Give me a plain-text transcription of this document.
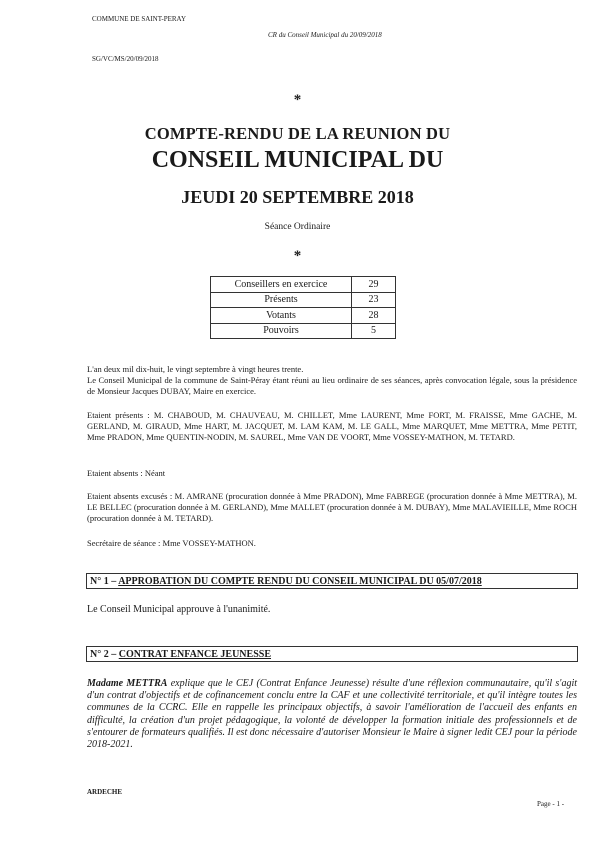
COMMUNE DE SAINT-PERAY
CR du Conseil Municipal du 20/09/2018
SG/VC/MS/20/09/2018
*
COMPTE-RENDU DE LA REUNION DU
CONSEIL MUNICIPAL DU
JEUDI 20 SEPTEMBRE 2018
Séance Ordinaire
*
Conseillers en exercice	29
Présents	23
Votants	28
Pouvoirs	5
L'an deux mil dix-huit, le vingt septembre à vingt heures trente.
Le Conseil Municipal de la commune de Saint-Péray étant réuni au lieu ordinaire de ses séances, après convocation légale, sous la présidence de Monsieur Jacques DUBAY, Maire en exercice.
Etaient présents : M. CHABOUD, M. CHAUVEAU, M. CHILLET, Mme LAURENT, Mme FORT, M. FRAISSE, Mme GACHE, M. GERLAND, M. GIRAUD, Mme HART, M. JACQUET, M. LAM KAM, M. LE GALL, Mme MARQUET, Mme METTRA, Mme PETIT, Mme PRADON, Mme QUENTIN-NODIN, M. SAUREL, Mme VAN DE VOORT, Mme VOSSEY-MATHON, M. TETARD.
Etaient absents : Néant
Etaient absents excusés : M. AMRANE (procuration donnée à Mme PRADON), Mme FABREGE (procuration donnée à Mme METTRA), M. LE BELLEC (procuration donnée à M. GERLAND), Mme MALLET (procuration donnée à M. DUBAY), Mme MALAVIEILLE, Mme ROCH (procuration donnée à M. TETARD).
Secrétaire de séance : Mme VOSSEY-MATHON.
N° 1 – APPROBATION DU COMPTE RENDU DU CONSEIL MUNICIPAL DU 05/07/2018
Le Conseil Municipal approuve à l'unanimité.
N° 2 – CONTRAT ENFANCE JEUNESSE
Madame METTRA explique que le CEJ (Contrat Enfance Jeunesse) résulte d'une réflexion communautaire, qu'il s'agit d'un contrat d'objectifs et de cofinancement conclu entre la CAF et une collectivité territoriale, et qu'il intègre toutes les communes de la CCRC. Elle en rappelle les principaux objectifs, à savoir l'amélioration de l'accueil des enfants en difficulté, la création d'un projet pédagogique, la volonté de développer la formation initiale des professionnels et de s'entourer de formateurs qualifiés. Il est donc nécessaire d'autoriser Monsieur le Maire à signer ledit CEJ pour la période 2018-2021.
ARDECHE
Page - 1 -
